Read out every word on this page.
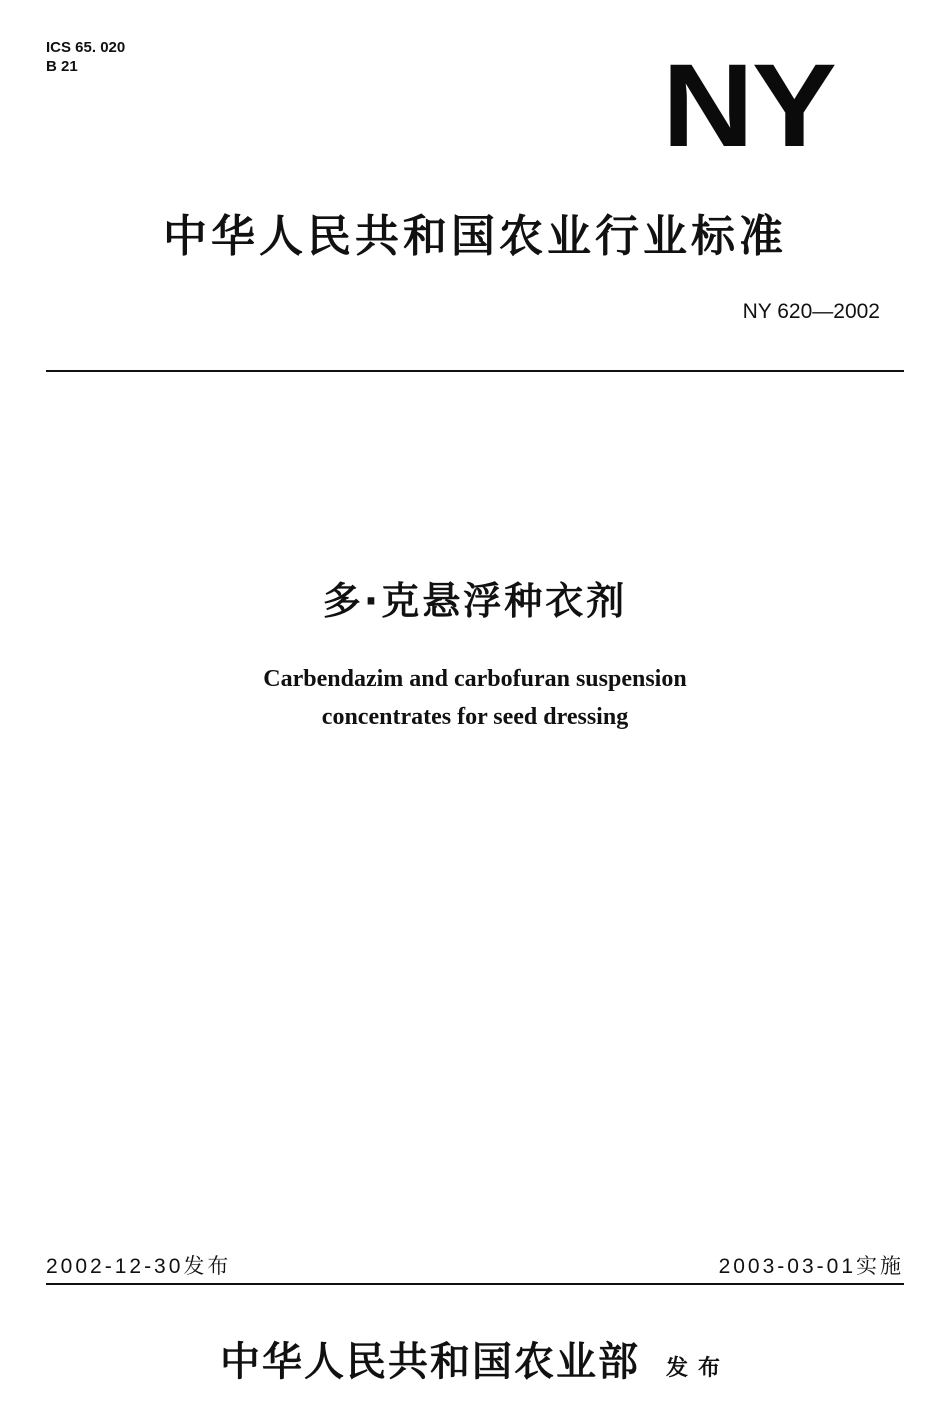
ICS 65. 020
B 21	NY
中华人民共和国农业行业标准
NY 620—2002
多·克悬浮种衣剂
Carbendazim and carbofuran suspension
concentrates for seed dressing
2002-12-30发布	2003-03-01实施
中华人民共和国农业部 发布
